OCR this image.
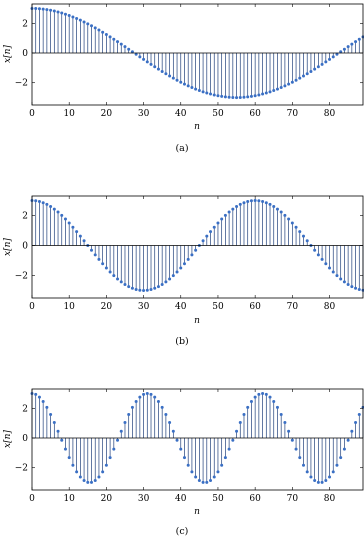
0	10	20	30	40	50	60	70	80
2
0
−2
x[n]
n
(a)
0	10	20	30	40	50	60	70	80
2
0
−2
x[n]
n
(b)
0	10	20	30	40	50	60	70	80
2
0
−2
x[n]
n
(c)
